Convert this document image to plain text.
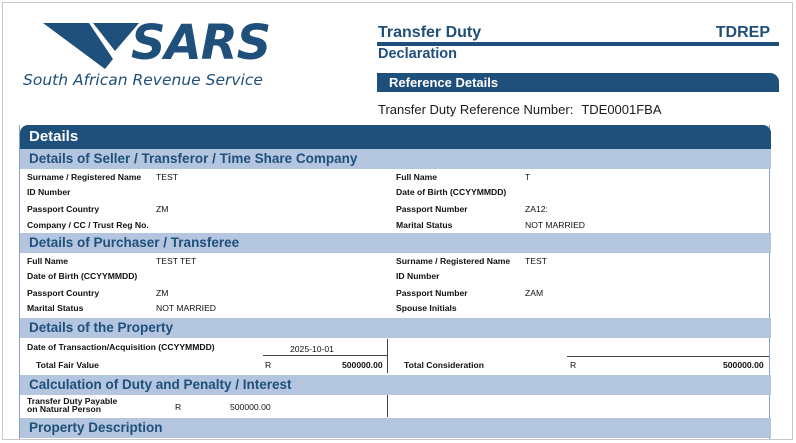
SARS
South African Revenue Service
Transfer Duty	TDREP
Declaration
Reference Details
Transfer Duty Reference Number: TDE0001FBA
Details
Details of Seller / Transferor / Time Share Company
Surname / Registered Name TEST	Full Name	T
ID Number	Date of Birth (CCYYMMDD)
Passport Country	ZM	Passport Number	ZA12:
Company / CC / Trust Reg No.	Marital Status	NOT MARRIED
Details of Purchaser / Transferee
Full Name	TEST TET	Surname / Registered Name TEST
Date of Birth (CCYYMMDD)	ID Number
Passport Country	ZM	Passport Number	ZAM
Marital Status	NOT MARRIED	Spouse Initials
Details of the Property
Date of Transaction/Acquisition (CCYYMMDD)	2025-10-01
Total Fair Value	R	500000.00 Total Consideration	R	500000.00
Calculation of Duty and Penalty / Interest
Transfer Duty Payable
on Natural Person	R	500000.00
Property Description
